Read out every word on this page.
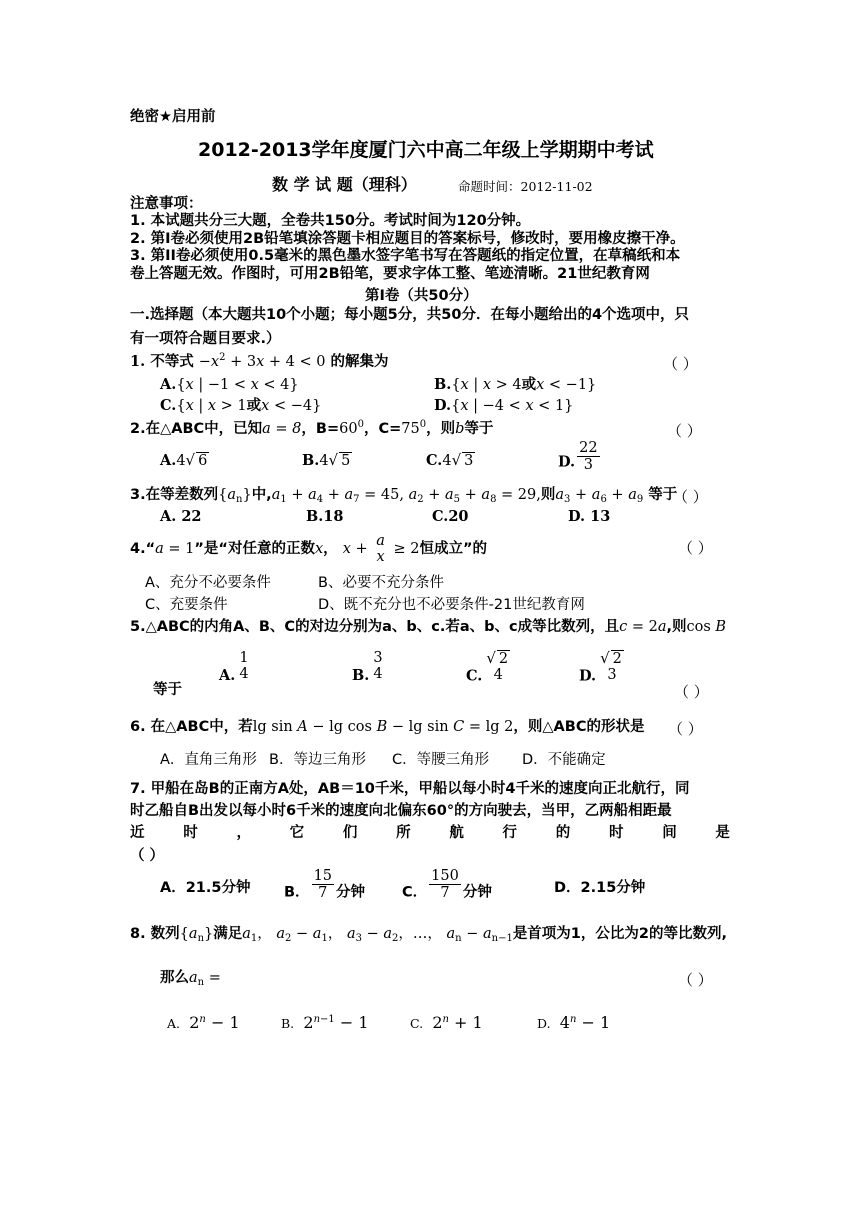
绝密★启用前
2012-2013学年度厦门六中高二年级上学期期中考试
数 学 试 题（理科）	命题时间：2012-11-02
注意事项：
1. 本试题共分三大题，全卷共150分。考试时间为120分钟。
2. 第Ⅰ卷必须使用2B铅笔填涂答题卡相应题目的答案标号，修改时，要用橡皮擦干净。
3. 第II卷必须使用0.5毫米的黑色墨水签字笔书写在答题纸的指定位置，在草稿纸和本
卷上答题无效。作图时，可用2B铅笔，要求字体工整、笔迹清晰。21世纪教育网
第Ⅰ卷（共50分）
一.选择题（本大题共10个小题；每小题5分，共50分．在每小题给出的4个选项中，只
有一项符合题目要求.）
1. 不等式 $-x^2 + 3x + 4 < 0$ 的解集为	（ ）
A.{x | −1 < x < 4}	B.{x | x > 4或x < −1}
C.{x | x > 1或x < −4}	D.{x | −4 < x < 1}
2.在△ABC中，已知a = 8，$B=60^0$，$C=75^0$，则b等于	（ ）
A.4√ 6	B.4√ 5	C.4√ 3	D. $\frac{22}{3}$
3.在等差数列$\{a_n\}$中$,a_1 + a_4 + a_7 = 45$, $a_2 + a_5 + a_8 = 29$,则$a_3 + a_6 + a_9$ 等于
（ ）
A. 22	B.18	C.20	D. 13
4.“a = 1”是“对任意的正数x， x + a
x ≥ 2恒成立”的	（ ）
A、充分不必要条件	B、必要不充分条件
C、充要条件	D、既不充分也不必要条件-21世纪教育网
5.△ABC的内角A、B、C的对边分别为a、b、c.若a、b、c成等比数列，且c = 2a,则cos B
等于
A.
1
4	B.
3
4	C.
√ 2
4	D.
√ 2
3
（ ）
6. 在△ABC中，若lg sin A − lg cos B − lg sin C = lg 2，则△ABC的形状是 （ ）
A．直角三角形 B．等边三角形 C．等腰三角形 D．不能确定
7. 甲船在岛B的正南方A处，AB＝10千米，甲船以每小时4千米的速度向正北航行，同
时乙船自B出发以每小时6千米的速度向北偏东60°的方向驶去，当甲，乙两船相距最
近	时	，	它	们	所	航	行	的	时	间	是
（ ）
A．21.5分钟 B． $\frac{15}{7}$ 分钟	C． $\frac{150}{7}$ 分钟	D．2.15分钟
8. 数列$\{a_n\}$满足$a_1$， $a_2 - a_1$， $a_3 - a_2$，…， $a_n - a_{n-1}$是首项为1，公比为2的等比数列,
那么$a_n$ =	（ ）
A. $2^n - 1$	B. $2^{n-1} - 1$	C. $2^n + 1$	D. $4^n - 1$
